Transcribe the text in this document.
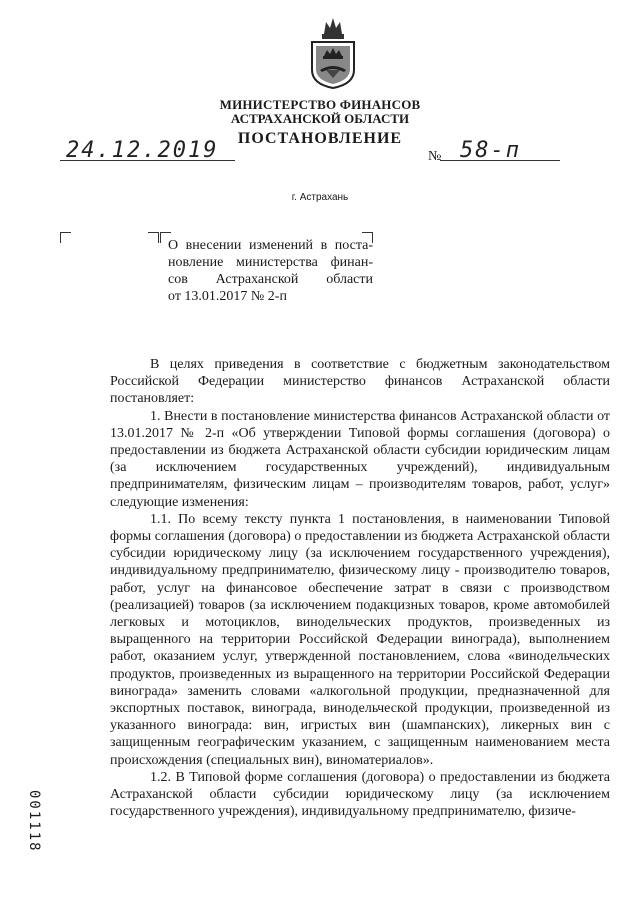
МИНИСТЕРСТВО ФИНАНСОВ
АСТРАХАНСКОЙ ОБЛАСТИ
ПОСТАНОВЛЕНИЕ
24.12.2019	№ 58-п
г. Астрахань
О внесении изменений в поста-
новление министерства финан-
сов Астраханской области
от 13.01.2017 № 2-п

В целях приведения в соответствие с бюджетным законодательством Российской Федерации министерство финансов Астраханской области постановляет:

1. Внести в постановление министерства финансов Астраханской области от 13.01.2017 № 2-п «Об утверждении Типовой формы соглашения (договора) о предоставлении из бюджета Астраханской области субсидии юридическим лицам (за исключением государственных учреждений), индивидуальным предпринимателям, физическим лицам – производителям товаров, работ, услуг» следующие изменения:

1.1. По всему тексту пункта 1 постановления, в наименовании Типовой формы соглашения (договора) о предоставлении из бюджета Астраханской области субсидии юридическому лицу (за исключением государственного учреждения), индивидуальному предпринимателю, физическому лицу - производителю товаров, работ, услуг на финансовое обеспечение затрат в связи с производством (реализацией) товаров (за исключением подакцизных товаров, кроме автомобилей легковых и мотоциклов, винодельческих продуктов, произведенных из выращенного на территории Российской Федерации винограда), выполнением работ, оказанием услуг, утвержденной постановлением, слова «винодельческих продуктов, произведенных из выращенного на территории Российской Федерации винограда» заменить словами «алкогольной продукции, предназначенной для экспортных поставок, винограда, винодельческой продукции, произведенной из указанного винограда: вин, игристых вин (шампанских), ликерных вин с защищенным географическим указанием, с защищенным наименованием места происхождения (специальных вин), виноматериалов».

1.2. В Типовой форме соглашения (договора) о предоставлении из бюджета Астраханской области субсидии юридическому лицу (за исключением государственного учреждения), индивидуальному предпринимателю, физиче-

001118
